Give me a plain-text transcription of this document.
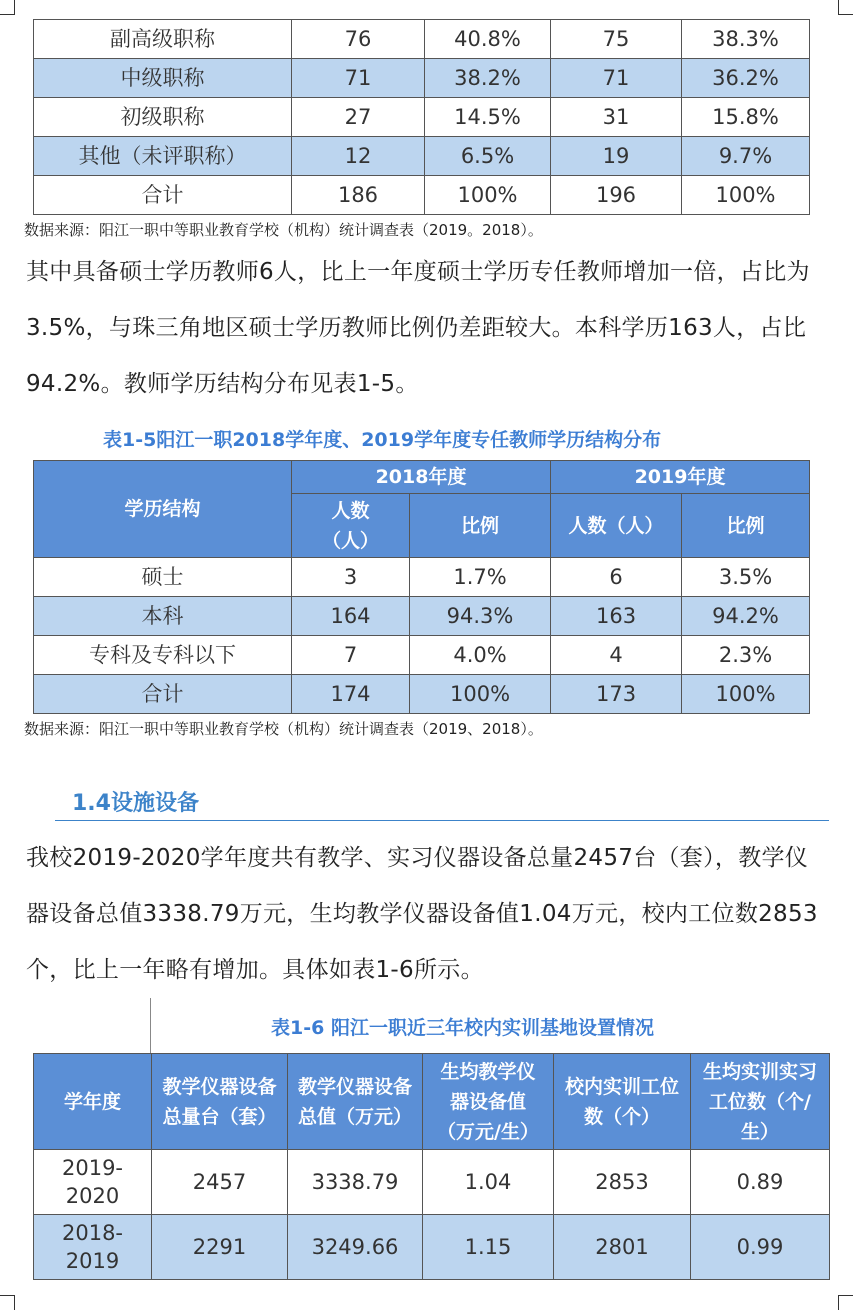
副高级职称	76	40.8%	75	38.3%
中级职称	71	38.2%	71	36.2%
初级职称	27	14.5%	31	15.8%
其他（未评职称）	12	6.5%	19	9.7%
合计	186	100%	196	100%
数据来源：阳江一职中等职业教育学校（机构）统计调查表（2019。2018）。
其中具备硕士学历教师6人，比上一年度硕士学历专任教师增加一倍，占比为3.5%，与珠三角地区硕士学历教师比例仍差距较大。本科学历163人，占比94.2%。教师学历结构分布见表1-5。
表1-5阳江一职2018学年度、2019学年度专任教师学历结构分布
学历结构	2018年度		2019年度	
	人数（人）	比例	人数（人）	比例
硕士	3	1.7%	6	3.5%
本科	164	94.3%	163	94.2%
专科及专科以下	7	4.0%	4	2.3%
合计	174	100%	173	100%
数据来源：阳江一职中等职业教育学校（机构）统计调查表（2019、2018）。
1.4设施设备
我校2019-2020学年度共有教学、实习仪器设备总量2457台（套），教学仪器设备总值3338.79万元，生均教学仪器设备值1.04万元，校内工位数2853个，比上一年略有增加。具体如表1-6所示。
表1-6 阳江一职近三年校内实训基地设置情况
学年度	教学仪器设备总量台（套）	教学仪器设备总值（万元）	生均教学仪器设备值（万元/生）	校内实训工位数（个）	生均实训实习工位数（个/生）
2019-2020	2457	3338.79	1.04	2853	0.89
2018-2019	2291	3249.66	1.15	2801	0.99
